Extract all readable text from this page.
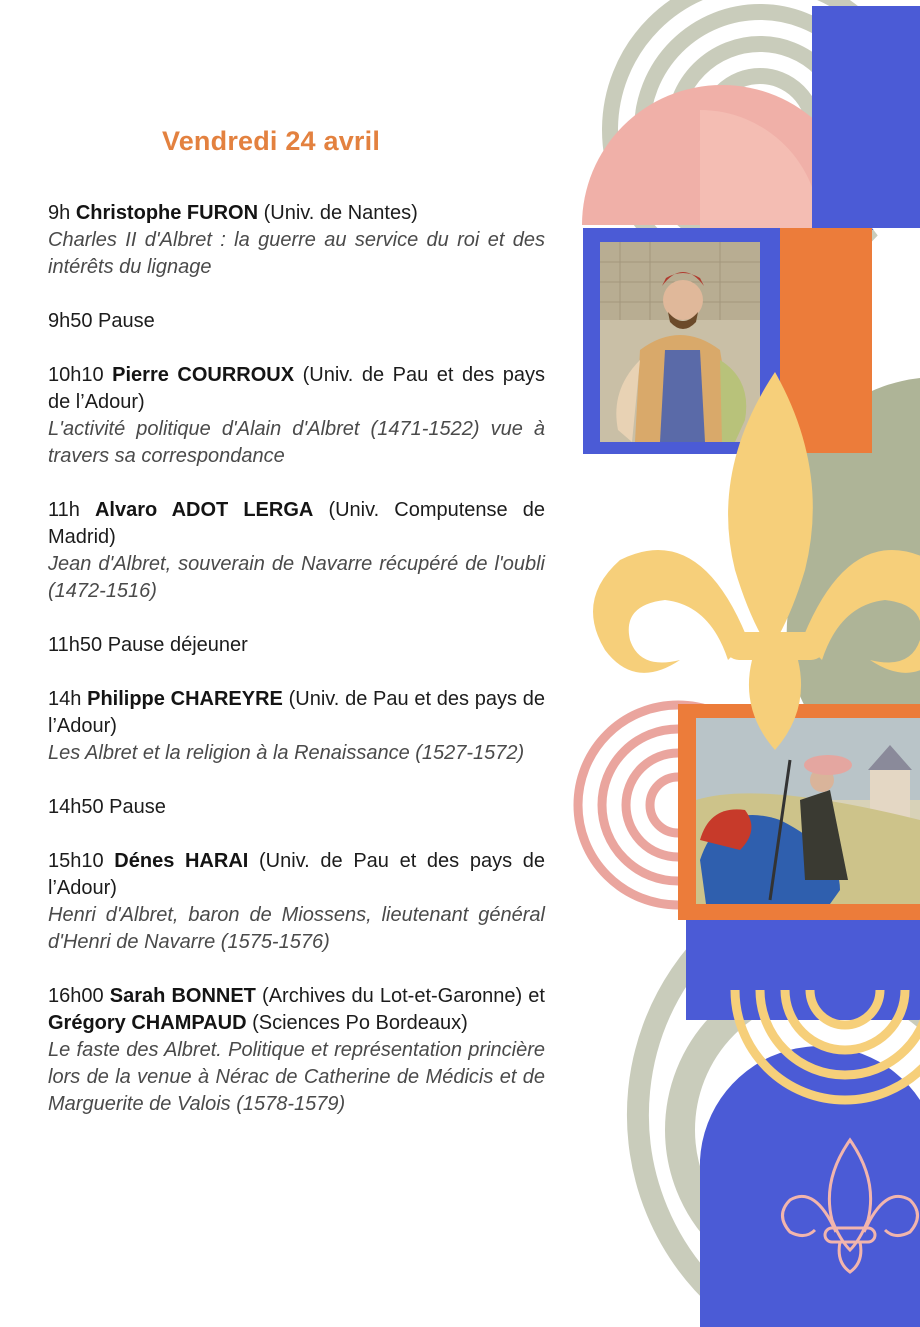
Vendredi 24 avril
9h Christophe FURON (Univ. de Nantes)
Charles II d'Albret : la guerre au service du roi et des intérêts du lignage
9h50 Pause
10h10 Pierre COURROUX (Univ. de Pau et des pays de l’Adour)
L'activité politique d'Alain d'Albret (1471-1522) vue à travers sa correspondance
11h Alvaro ADOT LERGA (Univ. Computense de Madrid)
Jean d'Albret, souverain de Navarre récupéré de l'oubli (1472-1516)
11h50 Pause déjeuner
14h Philippe CHAREYRE (Univ. de Pau et des pays de l’Adour)
Les Albret et la religion à la Renaissance (1527-1572)
14h50 Pause
15h10 Dénes HARAI (Univ. de Pau et des pays de l’Adour)
Henri d'Albret, baron de Miossens, lieutenant général d'Henri de Navarre (1575-1576)
16h00 Sarah BONNET (Archives du Lot-et-Garonne) et Grégory CHAMPAUD (Sciences Po Bordeaux)
Le faste des Albret. Politique et représentation princière lors de la venue à Nérac de Catherine de Médicis et de Marguerite de Valois (1578-1579)
